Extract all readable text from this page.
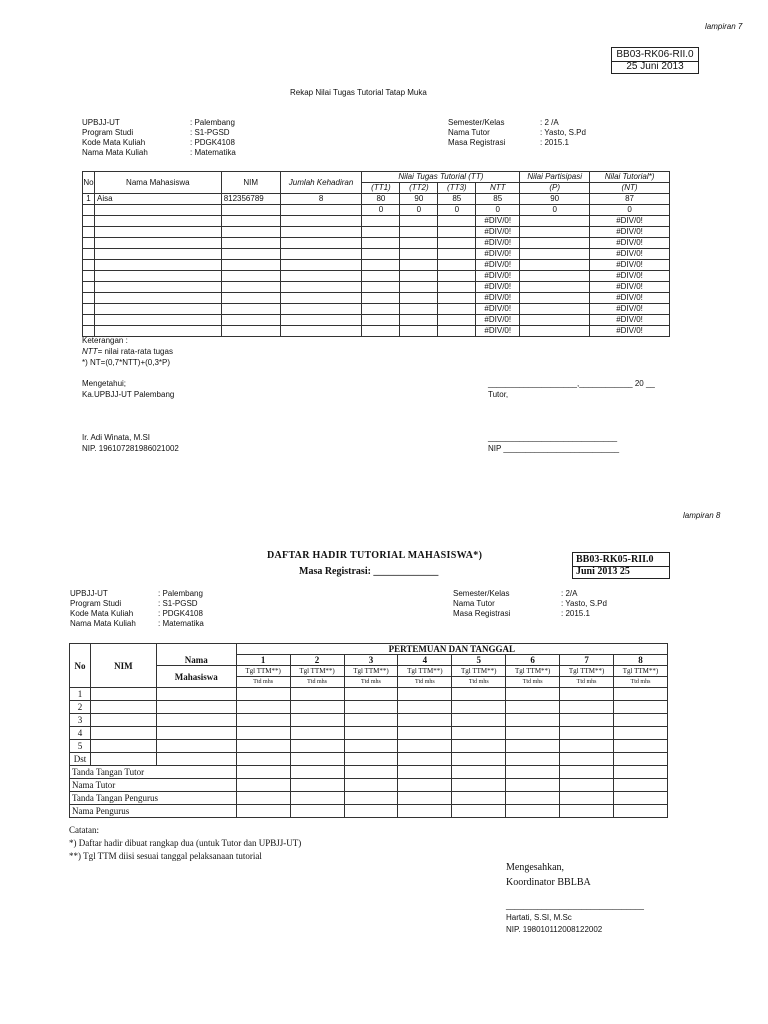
lampiran 7
BB03-RK06-RII.0
25 Juni 2013
Rekap Nilai Tugas Tutorial Tatap Muka
UPBJJ-UT	: Palembang
Program Studi	: S1-PGSD
Kode Mata Kuliah	: PDGK4108
Nama Mata Kuliah	: Matematika
Semester/Kelas	: 2 /A
Nama Tutor	: Yasto, S.Pd
Masa Registrasi	: 2015.1
No	Nama Mahasiswa	NIM	Jumlah Kehadiran	Nilai Tugas Tutorial (TT)				Nilai Partisipasi	Nilai Tutorial*)
				(TT1)	(TT2)	(TT3)	NTT	(P)	(NT)
1	Aisa	812356789	8	80	90	85	85	90	87
				0	0	0	0	0	0
							#DIV/0!		#DIV/0!
							#DIV/0!		#DIV/0!
							#DIV/0!		#DIV/0!
							#DIV/0!		#DIV/0!
							#DIV/0!		#DIV/0!
							#DIV/0!		#DIV/0!
							#DIV/0!		#DIV/0!
							#DIV/0!		#DIV/0!
							#DIV/0!		#DIV/0!
							#DIV/0!		#DIV/0!
							#DIV/0!		#DIV/0!
Keterangan :
NTT= nilai rata-rata tugas
*) NT=(0,7*NTT)+(0,3*P)
Mengetahui;
Ka.UPBJJ-UT Palembang
____________________,____________ 20 __
Tutor,
Ir. Adi Winata, M.SI
NIP. 196107281986021002
_____________________________
NIP __________________________
lampiran 8
DAFTAR HADIR TUTORIAL MAHASISWA*)
Masa Registrasi: _____________
BB03-RK05-RII.0
Juni 2013 25
UPBJJ-UT	: Palembang
Program Studi	: S1-PGSD
Kode Mata Kuliah	: PDGK4108
Nama Mata Kuliah	: Matematika
Semester/Kelas	: 2/A
Nama Tutor	: Yasto, S.Pd
Masa Registrasi	: 2015.1
No	NIM		PERTEMUAN DAN TANGGAL							
		Nama	1	2	3	4	5	6	7	8
		Mahasiswa	Tgl TTM**)	Tgl TTM**)	Tgl TTM**)	Tgl TTM**)	Tgl TTM**)	Tgl TTM**)	Tgl TTM**)	Tgl TTM**)
			Ttd mhs	Ttd mhs	Ttd mhs	Ttd mhs	Ttd mhs	Ttd mhs	Ttd mhs	Ttd mhs
1										
2										
3										
4										
5										
Dst										
Tanda Tangan Tutor										
Nama Tutor										
Tanda Tangan Pengurus										
Nama Pengurus										
Catatan:
*) Daftar hadir dibuat rangkap dua (untuk Tutor dan UPBJJ-UT)
**) Tgl TTM diisi sesuai tanggal pelaksanaan tutorial
Mengesahkan,
Koordinator BBLBA
_______________________________
Hartati, S.SI, M.Sc
NIP. 198010112008122002
